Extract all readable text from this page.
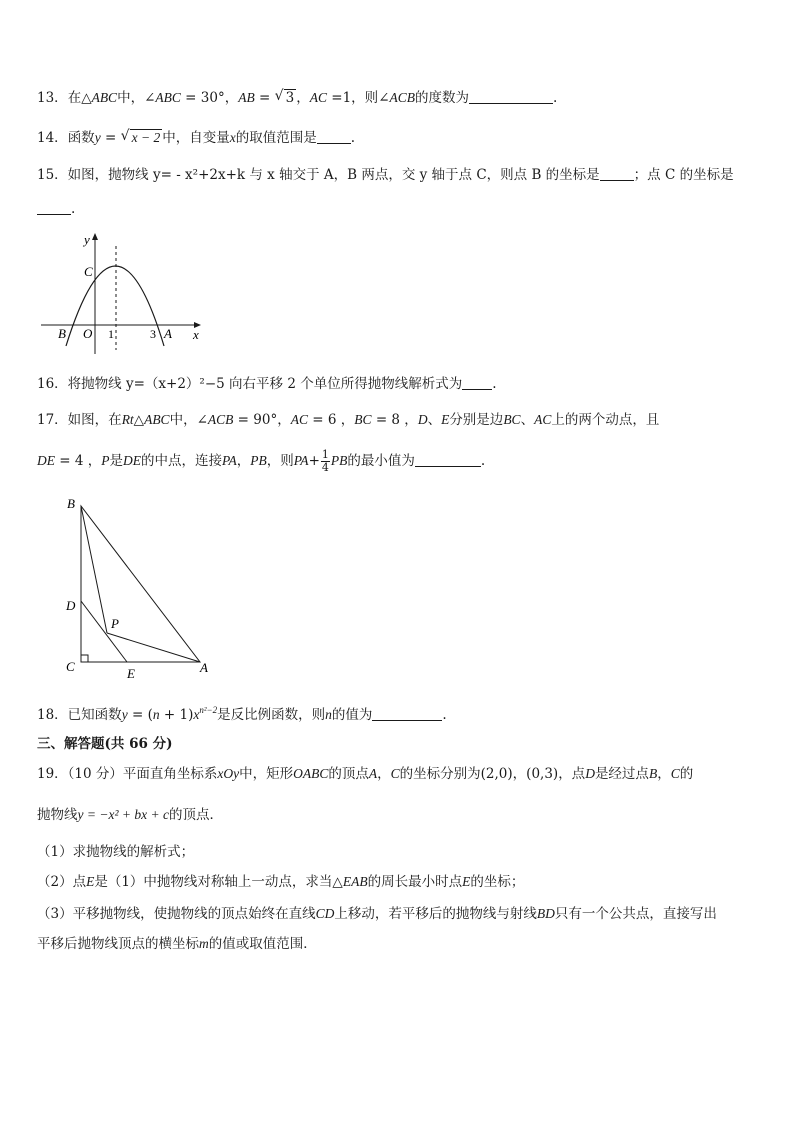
13．在△ABC中，∠ABC = 30°，AB = √ 3 ，AC =1，则∠ACB的度数为	.
14．函数y = √ x − 2 中，自变量x的取值范围是	.
15．如图，抛物线 y= - x²+2x+k 与 x 轴交于 A，B 两点，交 y 轴于点 C，则点 B 的坐标是	；点 C 的坐标是
.
y
x
C
B O 1	3 A
16．将抛物线 y=（x+2）²−5 向右平移 2 个单位所得抛物线解析式为 .
17．如图，在Rt△ABC中，∠ACB = 90°，AC = 6 ，BC = 8 ，D、E分别是边BC、AC上的两个动点，且
DE = 4 ，P是DE的中点，连接PA，PB，则$PA+ \frac{1}{4}$ PB的最小值为	.
B
D
P
C	E	A
18．已知函数$y = (n + 1)x^{n^2-2}$是反比例函数，则n的值为	.
三、解答题(共 66 分)
19．（10 分）平面直角坐标系xOy中，矩形OABC的顶点A，C的坐标分别为(2,0)，(0,3)，点D是经过点B，C的
抛物线y = −x² + bx + c的顶点．
（1）求抛物线的解析式；
（2）点E是（1）中抛物线对称轴上一动点，求当△EAB的周长最小时点E的坐标；
（3）平移抛物线，使抛物线的顶点始终在直线CD上移动，若平移后的抛物线与射线BD只有一个公共点，直接写出
平移后抛物线顶点的横坐标m的值或取值范围．
